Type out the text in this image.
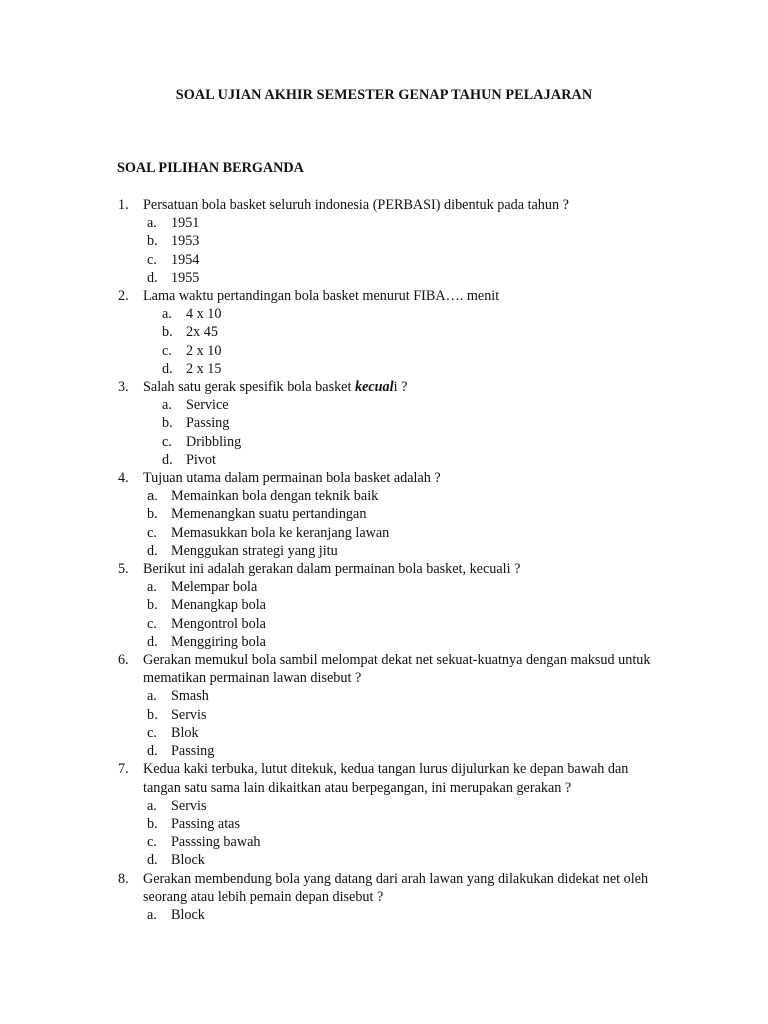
SOAL UJIAN AKHIR SEMESTER GENAP TAHUN PELAJARAN
SOAL PILIHAN BERGANDA
1. Persatuan bola basket seluruh indonesia (PERBASI) dibentuk pada tahun ?
a. 1951
b. 1953
c. 1954
d. 1955
2. Lama waktu pertandingan bola basket menurut FIBA…. menit
a. 4 x 10
b. 2x 45
c. 2 x 10
d. 2 x 15
3. Salah satu gerak spesifik bola basket kecuali ?
a. Service
b. Passing
c. Dribbling
d. Pivot
4. Tujuan utama dalam permainan bola basket adalah ?
a. Memainkan bola dengan teknik baik
b. Memenangkan suatu pertandingan
c. Memasukkan bola ke keranjang lawan
d. Menggukan strategi yang jitu
5. Berikut ini adalah gerakan dalam permainan bola basket, kecuali ?
a. Melempar bola
b. Menangkap bola
c. Mengontrol bola
d. Menggiring bola
6. Gerakan memukul bola sambil melompat dekat net sekuat-kuatnya dengan maksud untuk mematikan permainan lawan disebut ?
a. Smash
b. Servis
c. Blok
d. Passing
7. Kedua kaki terbuka, lutut ditekuk, kedua tangan lurus dijulurkan ke depan bawah dan tangan satu sama lain dikaitkan atau berpegangan, ini merupakan gerakan ?
a. Servis
b. Passing atas
c. Passsing bawah
d. Block
8. Gerakan membendung bola yang datang dari arah lawan yang dilakukan didekat net oleh seorang atau lebih pemain depan disebut ?
a. Block
